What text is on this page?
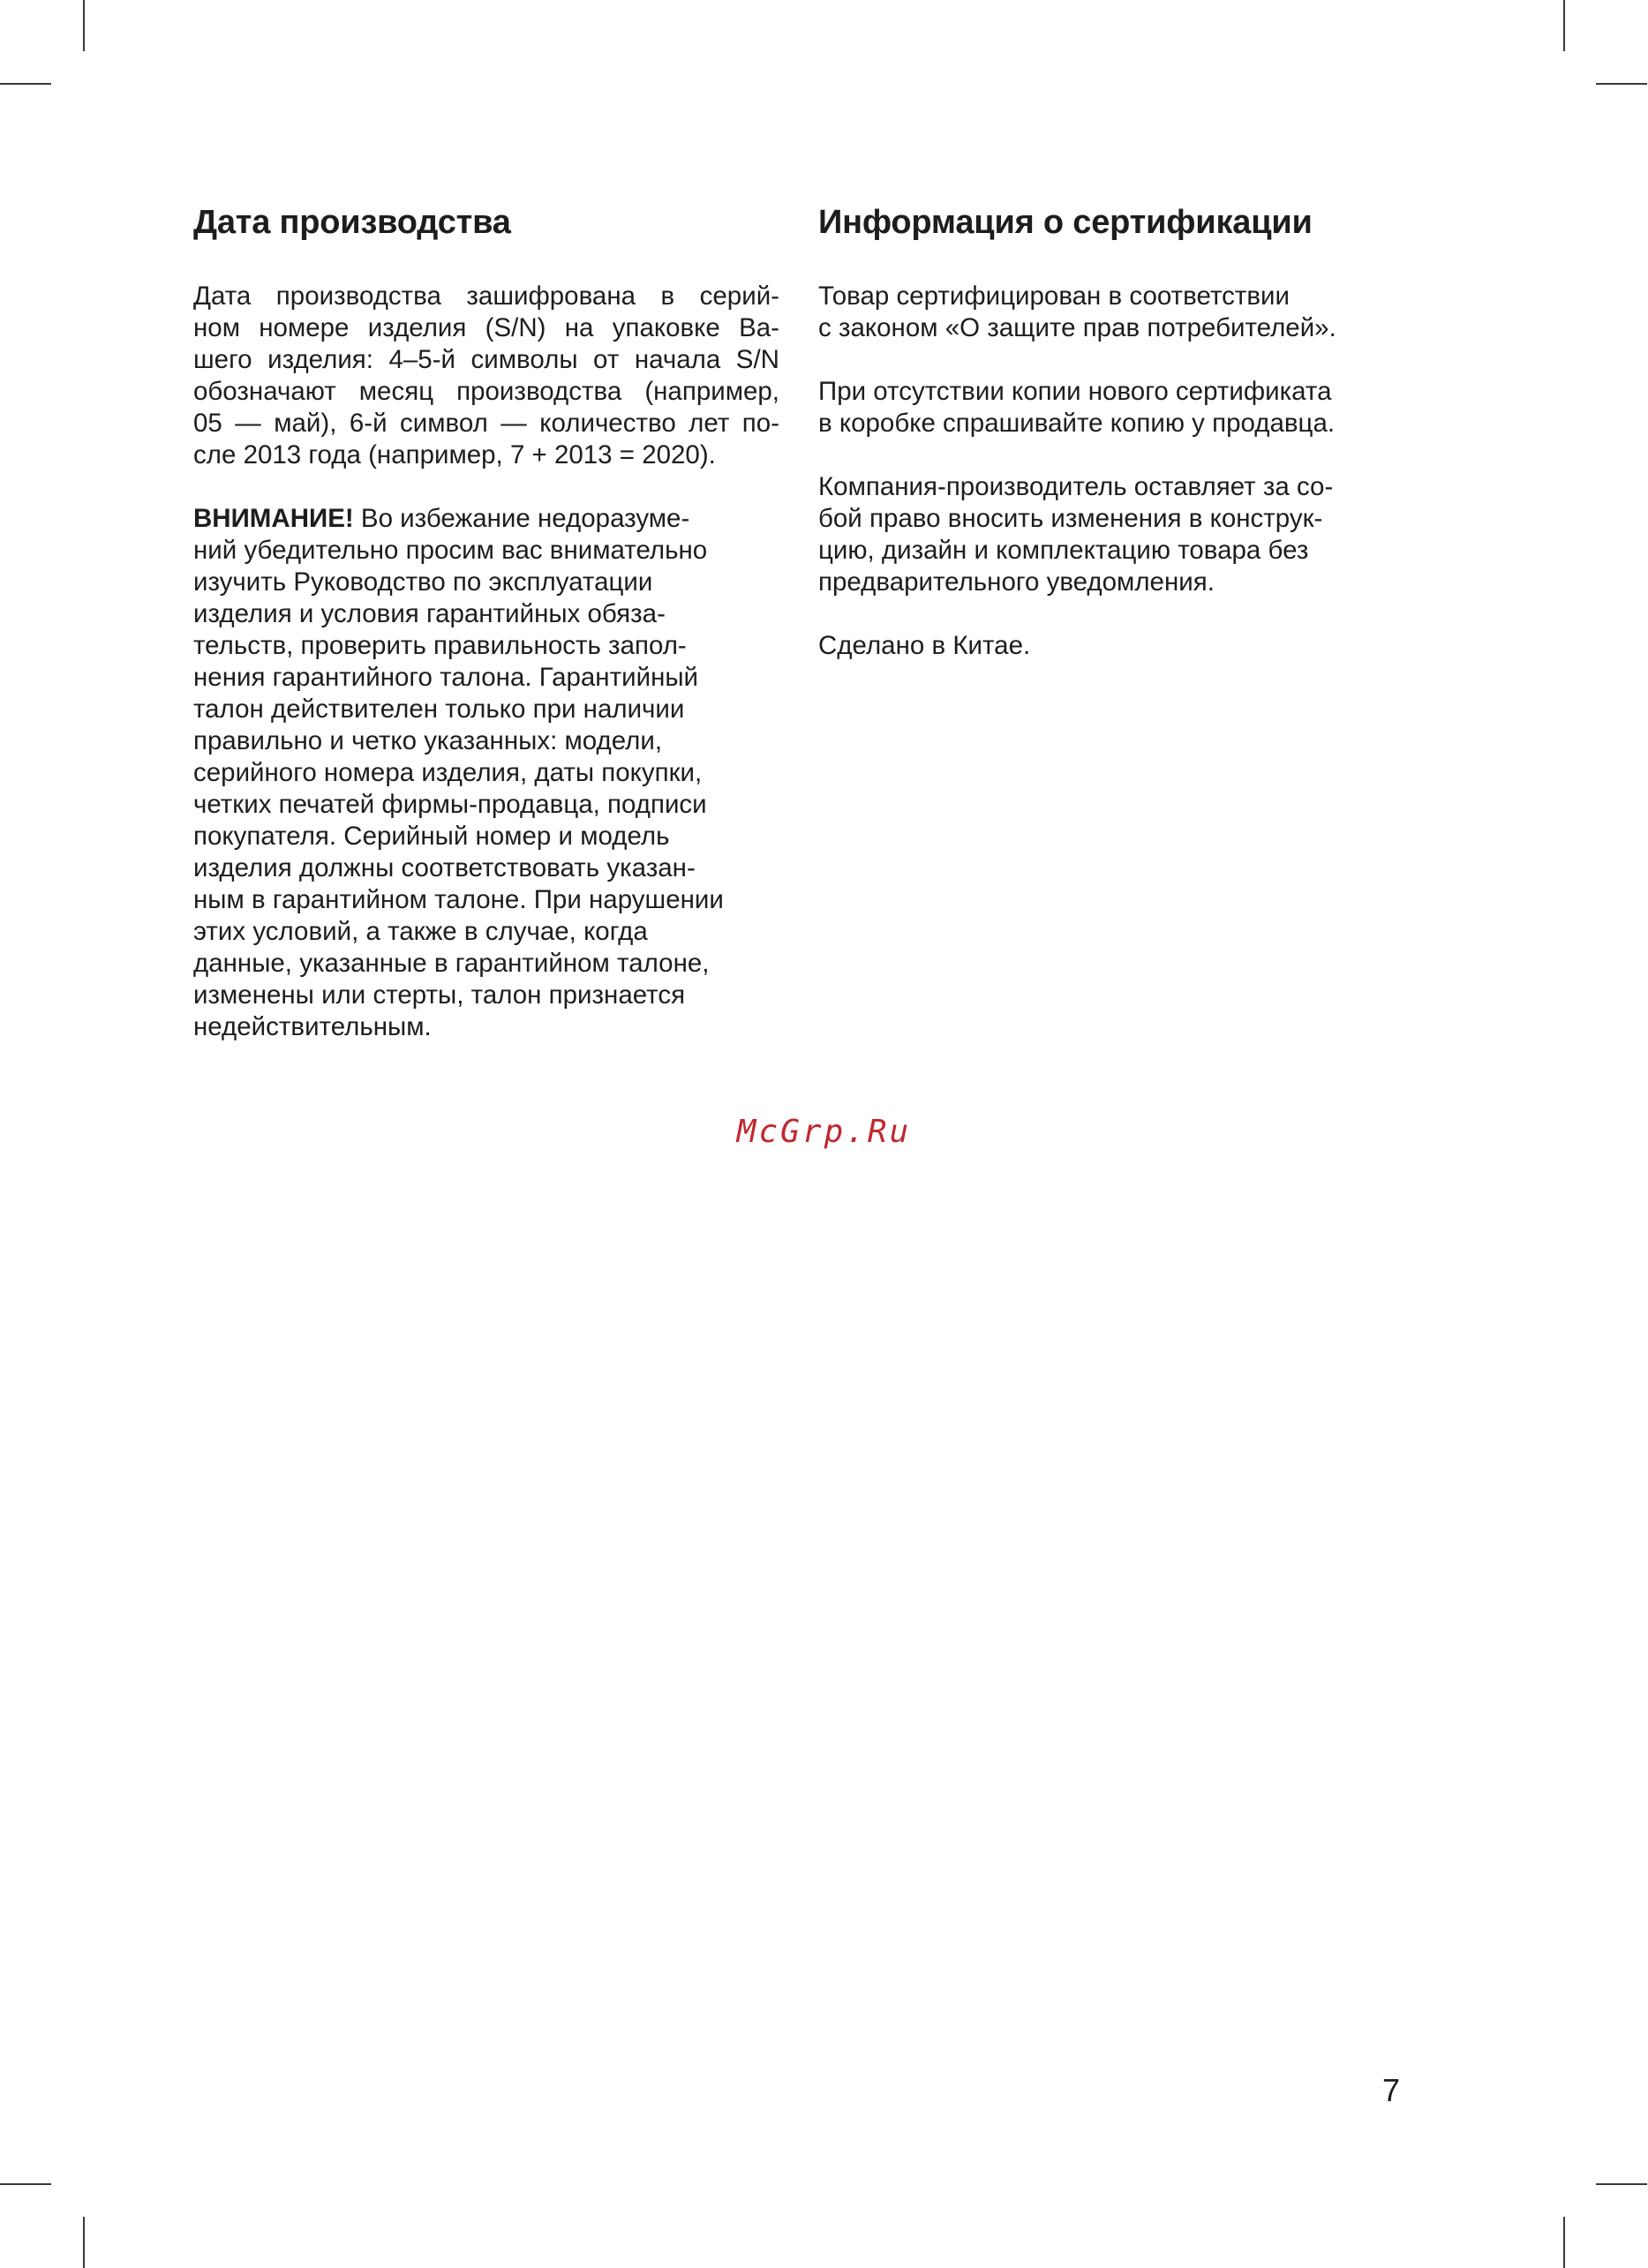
Дата производства

Дата производства зашифрована в серий-
ном номере изделия (S/N) на упаковке Ва-
шего изделия: 4–5-й символы от начала S/N
обозначают месяц производства (например,
05 — май), 6-й символ — количество лет по-
сле 2013 года (например, 7 + 2013 = 2020).

ВНИМАНИЕ! Во избежание недоразуме-
ний убедительно просим вас внимательно
изучить Руководство по эксплуатации
изделия и условия гарантийных обяза-
тельств, проверить правильность запол-
нения гарантийного талона. Гарантийный
талон действителен только при наличии
правильно и четко указанных: модели,
серийного номера изделия, даты покупки,
четких печатей фирмы-продавца, подписи
покупателя. Серийный номер и модель
изделия должны соответствовать указан-
ным в гарантийном талоне. При нарушении
этих условий, а также в случае, когда
данные, указанные в гарантийном талоне,
изменены или стерты, талон признается
недействительным.

Информация о сертификации

Товар сертифицирован в соответствии
с законом «О защите прав потребителей».

При отсутствии копии нового сертификата
в коробке спрашивайте копию у продавца.

Компания-производитель оставляет за со-
бой право вносить изменения в конструк-
цию, дизайн и комплектацию товара без
предварительного уведомления.

Сделано в Китае.

McGrp.Ru
7
